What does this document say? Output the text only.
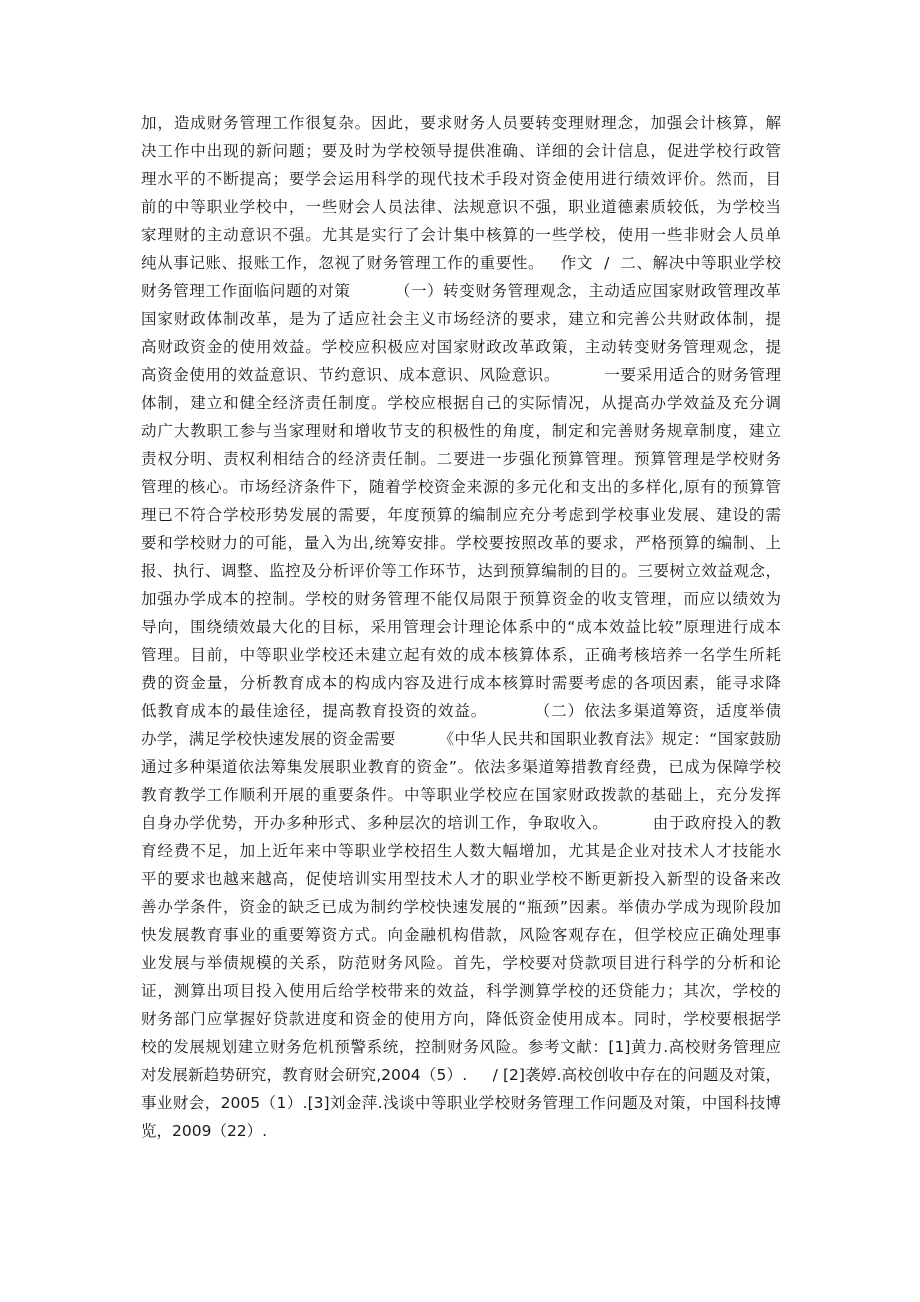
加，造成财务管理工作很复杂。因此，要求财务人员要转变理财理念，加强会计核算，解
决工作中出现的新问题；要及时为学校领导提供准确、详细的会计信息，促进学校行政管
理水平的不断提高；要学会运用科学的现代技术手段对资金使用进行绩效评价。然而，目
前的中等职业学校中，一些财会人员法律、法规意识不强，职业道德素质较低，为学校当
家理财的主动意识不强。尤其是实行了会计集中核算的一些学校，使用一些非财会人员单
纯从事记账、报账工作，忽视了财务管理工作的重要性。   作文  /  二、解决中等职业学校
财务管理工作面临问题的对策        （一）转变财务管理观念，主动适应国家财政管理改革
国家财政体制改革，是为了适应社会主义市场经济的要求，建立和完善公共财政体制，提
高财政资金的使用效益。学校应积极应对国家财政改革政策，主动转变财务管理观念，提
高资金使用的效益意识、节约意识、成本意识、风险意识。        一要采用适合的财务管理
体制，建立和健全经济责任制度。学校应根据自己的实际情况，从提高办学效益及充分调
动广大教职工参与当家理财和增收节支的积极性的角度，制定和完善财务规章制度，建立
责权分明、责权利相结合的经济责任制。二要进一步强化预算管理。预算管理是学校财务
管理的核心。市场经济条件下，随着学校资金来源的多元化和支出的多样化,原有的预算管
理已不符合学校形势发展的需要，年度预算的编制应充分考虑到学校事业发展、建设的需
要和学校财力的可能，量入为出,统筹安排。学校要按照改革的要求，严格预算的编制、上
报、执行、调整、监控及分析评价等工作环节，达到预算编制的目的。三要树立效益观念，
加强办学成本的控制。学校的财务管理不能仅局限于预算资金的收支管理，而应以绩效为
导向，围绕绩效最大化的目标，采用管理会计理论体系中的“成本效益比较”原理进行成本
管理。目前，中等职业学校还未建立起有效的成本核算体系，正确考核培养一名学生所耗
费的资金量，分析教育成本的构成内容及进行成本核算时需要考虑的各项因素，能寻求降
低教育成本的最佳途径，提高教育投资的效益。        （二）依法多渠道筹资，适度举债
办学，满足学校快速发展的资金需要        《中华人民共和国职业教育法》规定：“国家鼓励
通过多种渠道依法筹集发展职业教育的资金”。依法多渠道筹措教育经费，已成为保障学校
教育教学工作顺利开展的重要条件。中等职业学校应在国家财政拨款的基础上，充分发挥
自身办学优势，开办多种形式、多种层次的培训工作，争取收入。        由于政府投入的教
育经费不足，加上近年来中等职业学校招生人数大幅增加，尤其是企业对技术人才技能水
平的要求也越来越高，促使培训实用型技术人才的职业学校不断更新投入新型的设备来改
善办学条件，资金的缺乏已成为制约学校快速发展的“瓶颈”因素。举债办学成为现阶段加
快发展教育事业的重要筹资方式。向金融机构借款，风险客观存在，但学校应正确处理事
业发展与举债规模的关系，防范财务风险。首先，学校要对贷款项目进行科学的分析和论
证，测算出项目投入使用后给学校带来的效益，科学测算学校的还贷能力；其次，学校的
财务部门应掌握好贷款进度和资金的使用方向，降低资金使用成本。同时，学校要根据学
校的发展规划建立财务危机预警系统，控制财务风险。参考文献：[1]黄力.高校财务管理应
对发展新趋势研究，教育财会研究,2004（5）.     / [2]袭婷.高校创收中存在的问题及对策，
事业财会，2005（1）.[3]刘金萍.浅谈中等职业学校财务管理工作问题及对策，中国科技博
览，2009（22）.
